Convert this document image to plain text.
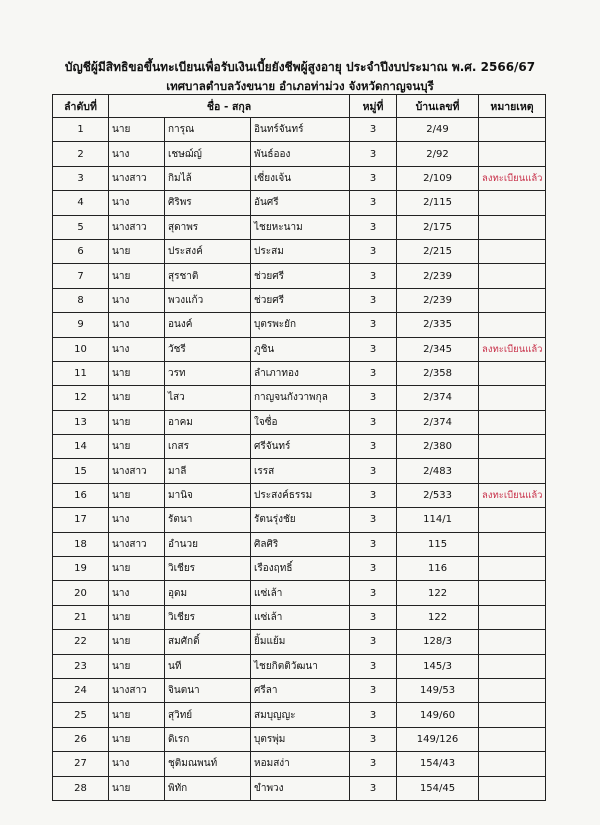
บัญชีผู้มีสิทธิขอขึ้นทะเบียนเพื่อรับเงินเบี้ยยังชีพผู้สูงอายุ ประจำปีงบประมาณ พ.ศ. 2566/67
เทศบาลตำบลวังขนาย อำเภอท่าม่วง จังหวัดกาญจนบุรี
ลำดับที่	ชื่อ - สกุล			หมู่ที่	บ้านเลขที่	หมายเหตุ
1	นาย	การุณ	อินทร์จันทร์	3	2/49	
2	นาง	เชษฌ์ญ์	พันธ์ออง	3	2/92	
3	นางสาว	กิมไล้	เซี่ยงเจ้น	3	2/109	ลงทะเบียนแล้ว
4	นาง	ศิริพร	อันศรี	3	2/115	
5	นางสาว	สุดาพร	ไชยหะนาม	3	2/175	
6	นาย	ประสงค์	ประสม	3	2/215	
7	นาย	สุรชาติ	ช่วยศรี	3	2/239	
8	นาง	พวงแก้ว	ช่วยศรี	3	2/239	
9	นาง	อนงค์	บุตรพะยัก	3	2/335	
10	นาง	วัชรี	ภูชิน	3	2/345	ลงทะเบียนแล้ว
11	นาย	วรท	ลำเภาทอง	3	2/358	
12	นาย	ไสว	กาญจนกังวาพกุล	3	2/374	
13	นาย	อาคม	ใจซื่อ	3	2/374	
14	นาย	เกสร	ศรีจันทร์	3	2/380	
15	นางสาว	มาลี	เรรส	3	2/483	
16	นาย	มานิจ	ประสงค์ธรรม	3	2/533	ลงทะเบียนแล้ว
17	นาง	รัตนา	รัตนรุ่งชัย	3	114/1	
18	นางสาว	อำนวย	ศิลศิริ	3	115	
19	นาย	วิเชียร	เรืองฤทธิ์	3	116	
20	นาง	อุดม	แซ่เล้า	3	122	
21	นาย	วิเชียร	แซ่เล้า	3	122	
22	นาย	สมศักดิ์	ยิ้มแย้ม	3	128/3	
23	นาย	นที	ไชยกิตติวัฒนา	3	145/3	
24	นางสาว	จินตนา	ศรีลา	3	149/53	
25	นาย	สุวิทย์	สมบุญญะ	3	149/60	
26	นาย	ดิเรก	บุตรพุ่ม	3	149/126	
27	นาง	ชุติมณพนท์	หอมสง่า	3	154/43	
28	นาย	พิทัก	ขำพวง	3	154/45	
